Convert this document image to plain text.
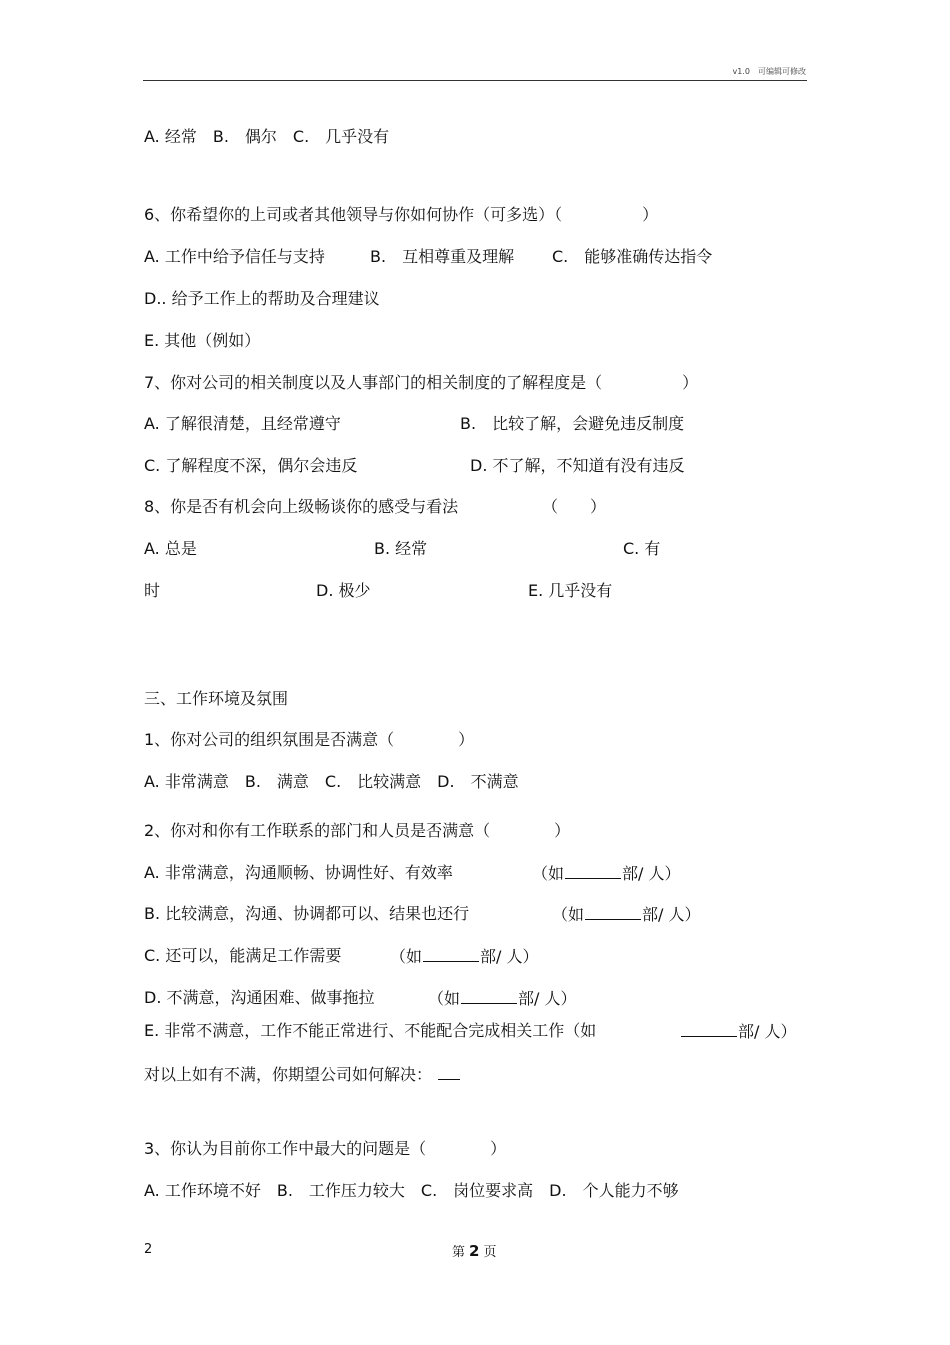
v1.0　可编辑可修改
A. 经常　B.　偶尔　C.　几乎没有
6、你希望你的上司或者其他领导与你如何协作（可多选）（　　　　　）
A. 工作中给予信任与支持	B.　互相尊重及理解 C.　能够准确传达指令
D.. 给予工作上的帮助及合理建议
E. 其他（例如）
7、你对公司的相关制度以及人事部门的相关制度的了解程度是（　　　　　）
A. 了解很清楚，且经常遵守	B.　比较了解，会避免违反制度
C. 了解程度不深，偶尔会违反	D. 不了解，不知道有没有违反
8、你是否有机会向上级畅谈你的感受与看法	（　　）
A. 总是	B. 经常	C. 有
时	D. 极少	E. 几乎没有
三、工作环境及氛围
1、你对公司的组织氛围是否满意（　　　　）
A. 非常满意　B.　满意　C.　比较满意　D.　不满意
2、你对和你有工作联系的部门和人员是否满意（　　　　）
A. 非常满意，沟通顺畅、协调性好、有效率	（如	部/ 人）
B. 比较满意，沟通、协调都可以、结果也还行	（如	部/ 人）
C. 还可以，能满足工作需要	（如	部/ 人）
D. 不满意，沟通困难、做事拖拉	（如	部/ 人）
E. 非常不满意，工作不能正常进行、不能配合完成相关工作（如	部/ 人）
对以上如有不满，你期望公司如何解决：
3、你认为目前你工作中最大的问题是（　　　　）
A. 工作环境不好　B.　工作压力较大　C.　岗位要求高　D.　个人能力不够
2	第 2 页
